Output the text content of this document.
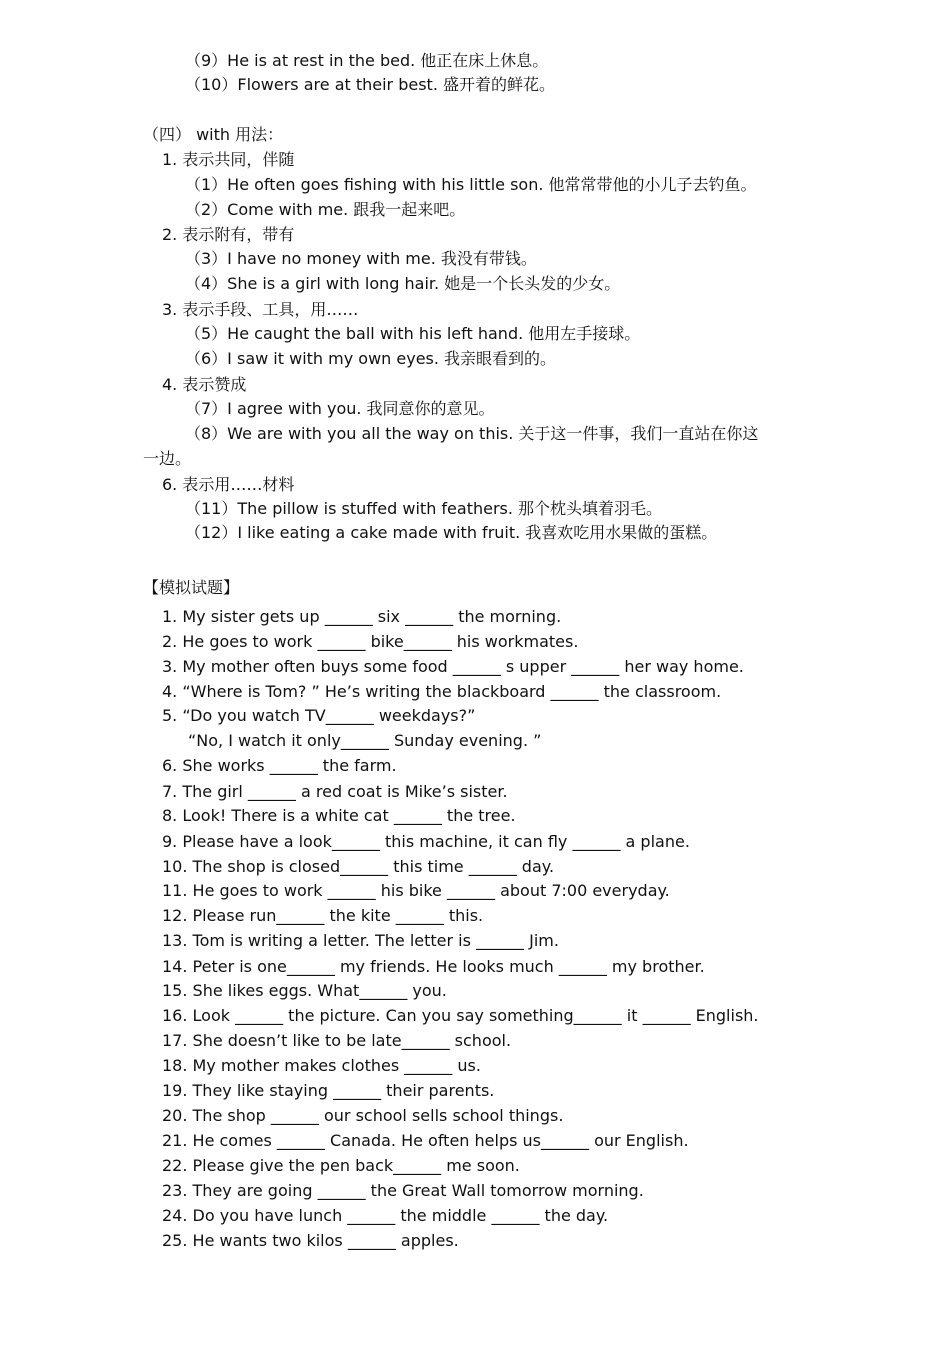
（9）He is at rest in the bed. 他正在床上休息。
（10）Flowers are at their best. 盛开着的鲜花。
（四） with 用法：
1. 表示共同，伴随
（1）He often goes fishing with his little son. 他常常带他的小儿子去钓鱼。
（2）Come with me. 跟我一起来吧。
2. 表示附有，带有
（3）I have no money with me. 我没有带钱。
（4）She is a girl with long hair. 她是一个长头发的少女。
3. 表示手段、工具，用……
（5）He caught the ball with his left hand. 他用左手接球。
（6）I saw it with my own eyes. 我亲眼看到的。
4. 表示赞成
（7）I agree with you. 我同意你的意见。
（8）We are with you all the way on this. 关于这一件事，我们一直站在你这
一边。
6. 表示用……材料
（11）The pillow is stuffed with feathers. 那个枕头填着羽毛。
（12）I like eating a cake made with fruit. 我喜欢吃用水果做的蛋糕。
【模拟试题】
1. My sister gets up ______ six ______ the morning.
2. He goes to work ______ bike______ his workmates.
3. My mother often buys some food ______ s upper ______ her way home.
4. “Where is Tom? ” He’s writing the blackboard ______ the classroom.
5. “Do you watch TV______ weekdays?”
“No, I watch it only______ Sunday evening. ”
6. She works ______ the farm.
7. The girl ______ a red coat is Mike’s sister.
8. Look! There is a white cat ______ the tree.
9. Please have a look______ this machine, it can fly ______ a plane.
10. The shop is closed______ this time ______ day.
11. He goes to work ______ his bike ______ about 7:00 everyday.
12. Please run______ the kite ______ this.
13. Tom is writing a letter. The letter is ______ Jim.
14. Peter is one______ my friends. He looks much ______ my brother.
15. She likes eggs. What______ you.
16. Look ______ the picture. Can you say something______ it ______ English.
17. She doesn’t like to be late______ school.
18. My mother makes clothes ______ us.
19. They like staying ______ their parents.
20. The shop ______ our school sells school things.
21. He comes ______ Canada. He often helps us______ our English.
22. Please give the pen back______ me soon.
23. They are going ______ the Great Wall tomorrow morning.
24. Do you have lunch ______ the middle ______ the day.
25. He wants two kilos ______ apples.
